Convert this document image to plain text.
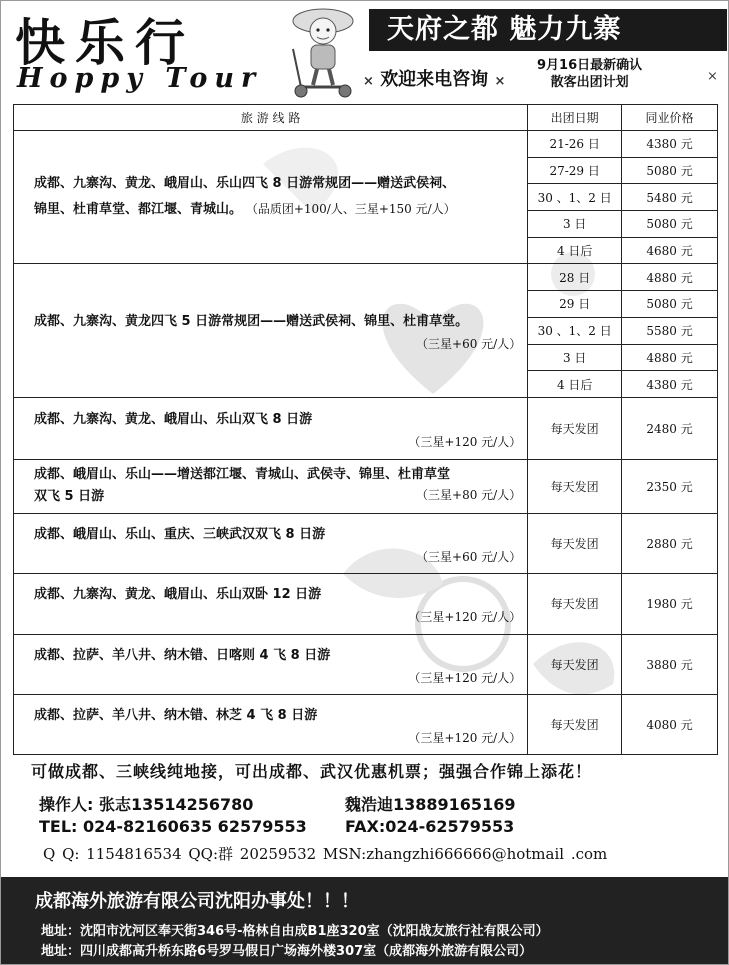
快乐行
Hoppy Tour
天府之都 魅力九寨
× 欢迎来电咨询 ×
9月16日最新确认
散客出团计划	×
旅 游 线 路	出团日期	同业价格

成都、九寨沟、黄龙、峨眉山、乐山四飞 8 日游常规团——赠送武侯祠、
锦里、杜甫草堂、都江堰、青城山。 （品质团+100/人、三星+150 元/人）	21-26 日	4380 元
	27-29 日	5080 元
	30 、1、2 日	5480 元
	3 日	5080 元
	4 日后	4680 元

成都、九寨沟、黄龙四飞 5 日游常规团——赠送武侯祠、锦里、杜甫草堂。
（三星+60 元/人）	28 日	4880 元
	29 日	5080 元
	30 、1、2 日	5580 元
	3 日	4880 元
	4 日后	4380 元

成都、九寨沟、黄龙、峨眉山、乐山双飞 8 日游
（三星+120 元/人）	每天发团	2480 元

成都、峨眉山、乐山——增送都江堰、青城山、武侯寺、锦里、杜甫草堂
双飞 5 日游 （三星+80 元/人）	每天发团	2350 元

成都、峨眉山、乐山、重庆、三峡武汉双飞 8 日游
（三星+60 元/人）	每天发团	2880 元

成都、九寨沟、黄龙、峨眉山、乐山双卧 12 日游
（三星+120 元/人）	每天发团	1980 元

成都、拉萨、羊八井、纳木错、日喀则 4 飞 8 日游
（三星+120 元/人）	每天发团	3880 元

成都、拉萨、羊八井、纳木错、林芝 4 飞 8 日游
（三星+120 元/人）	每天发团	4080 元
可做成都、三峡线纯地接，可出成都、武汉优惠机票；强强合作锦上添花！
操作人: 张志13514256780	魏浩迪13889165169
TEL: 024-82160635 62579553 FAX:024-62579553
Q Q: 1154816534 QQ:群 20259532 MSN:zhangzhi666666@hotmail .com
成都海外旅游有限公司沈阳办事处！！！
地址：沈阳市沈河区奉天街346号-格林自由成B1座320室（沈阳战友旅行社有限公司）
地址：四川成都高升桥东路6号罗马假日广场海外楼307室（成都海外旅游有限公司）
